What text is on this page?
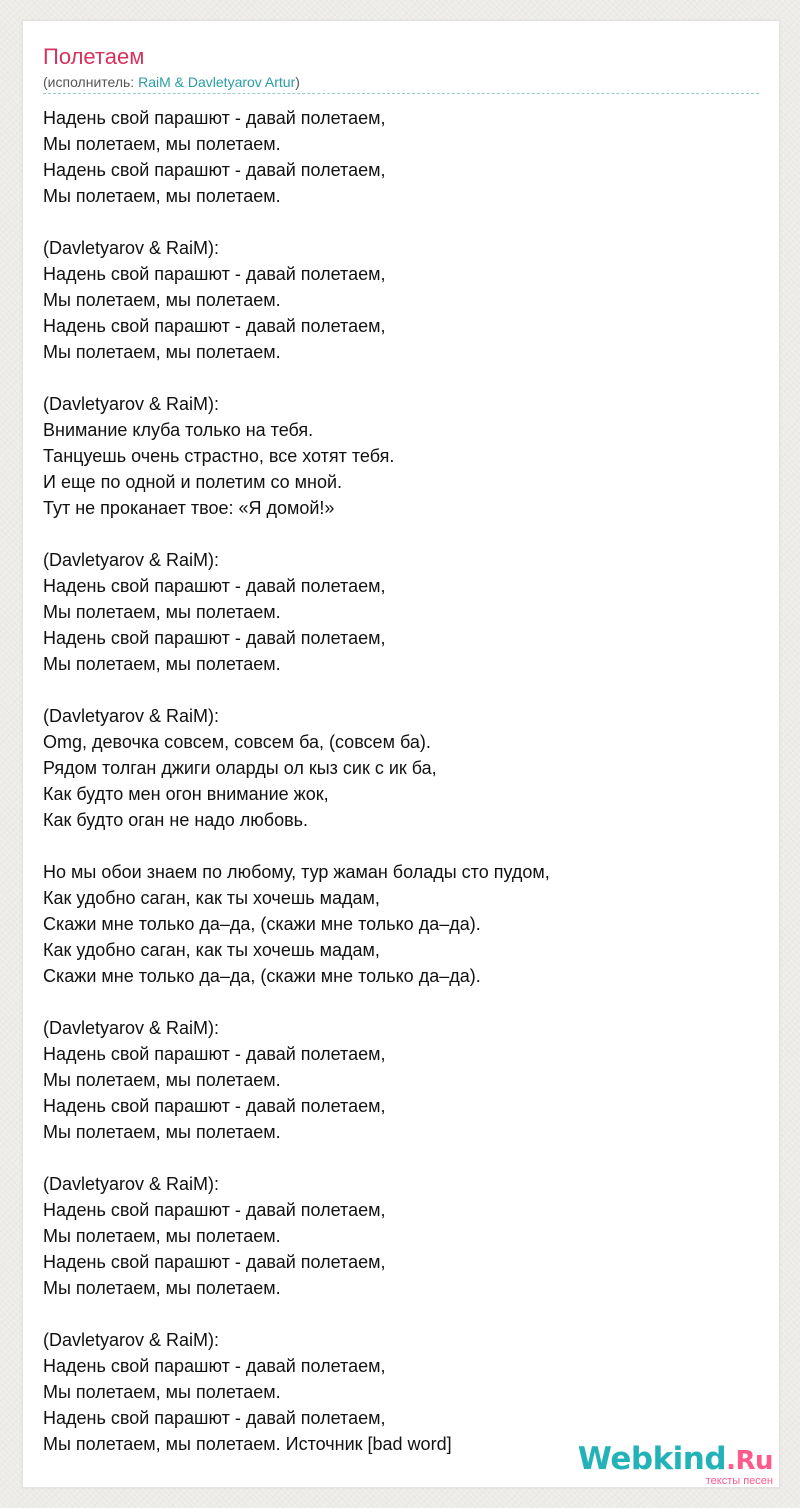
Полетаем
(исполнитель: RaiM & Davletyarov Artur)
Надень свой парашют - давай полетаем,
Мы полетаем, мы полетаем.
Надень свой парашют - давай полетаем,
Мы полетаем, мы полетаем.
(Davletyarov & RaiM):
Надень свой парашют - давай полетаем,
Мы полетаем, мы полетаем.
Надень свой парашют - давай полетаем,
Мы полетаем, мы полетаем.
(Davletyarov & RaiM):
Внимание клуба только на тебя.
Танцуешь очень страстно, все хотят тебя.
И еще по одной и полетим со мной.
Тут не проканает твое: «Я домой!»
(Davletyarov & RaiM):
Надень свой парашют - давай полетаем,
Мы полетаем, мы полетаем.
Надень свой парашют - давай полетаем,
Мы полетаем, мы полетаем.
(Davletyarov & RaiM):
Omg, девочка совсем, совсем ба, (совсем ба).
Рядом толган джиги оларды ол кыз сик с ик ба,
Как будто мен огон внимание жок,
Как будто оган не надо любовь.
Но мы обои знаем по любому, тур жаман болады сто пудом,
Как удобно саган, как ты хочешь мадам,
Скажи мне только да–да, (скажи мне только да–да).
Как удобно саган, как ты хочешь мадам,
Скажи мне только да–да, (скажи мне только да–да).
(Davletyarov & RaiM):
Надень свой парашют - давай полетаем,
Мы полетаем, мы полетаем.
Надень свой парашют - давай полетаем,
Мы полетаем, мы полетаем.
(Davletyarov & RaiM):
Надень свой парашют - давай полетаем,
Мы полетаем, мы полетаем.
Надень свой парашют - давай полетаем,
Мы полетаем, мы полетаем.
(Davletyarov & RaiM):
Надень свой парашют - давай полетаем,
Мы полетаем, мы полетаем.
Надень свой парашют - давай полетаем,
Мы полетаем, мы полетаем. Источник [bad word]	Webkind.Ru
тексты песен
